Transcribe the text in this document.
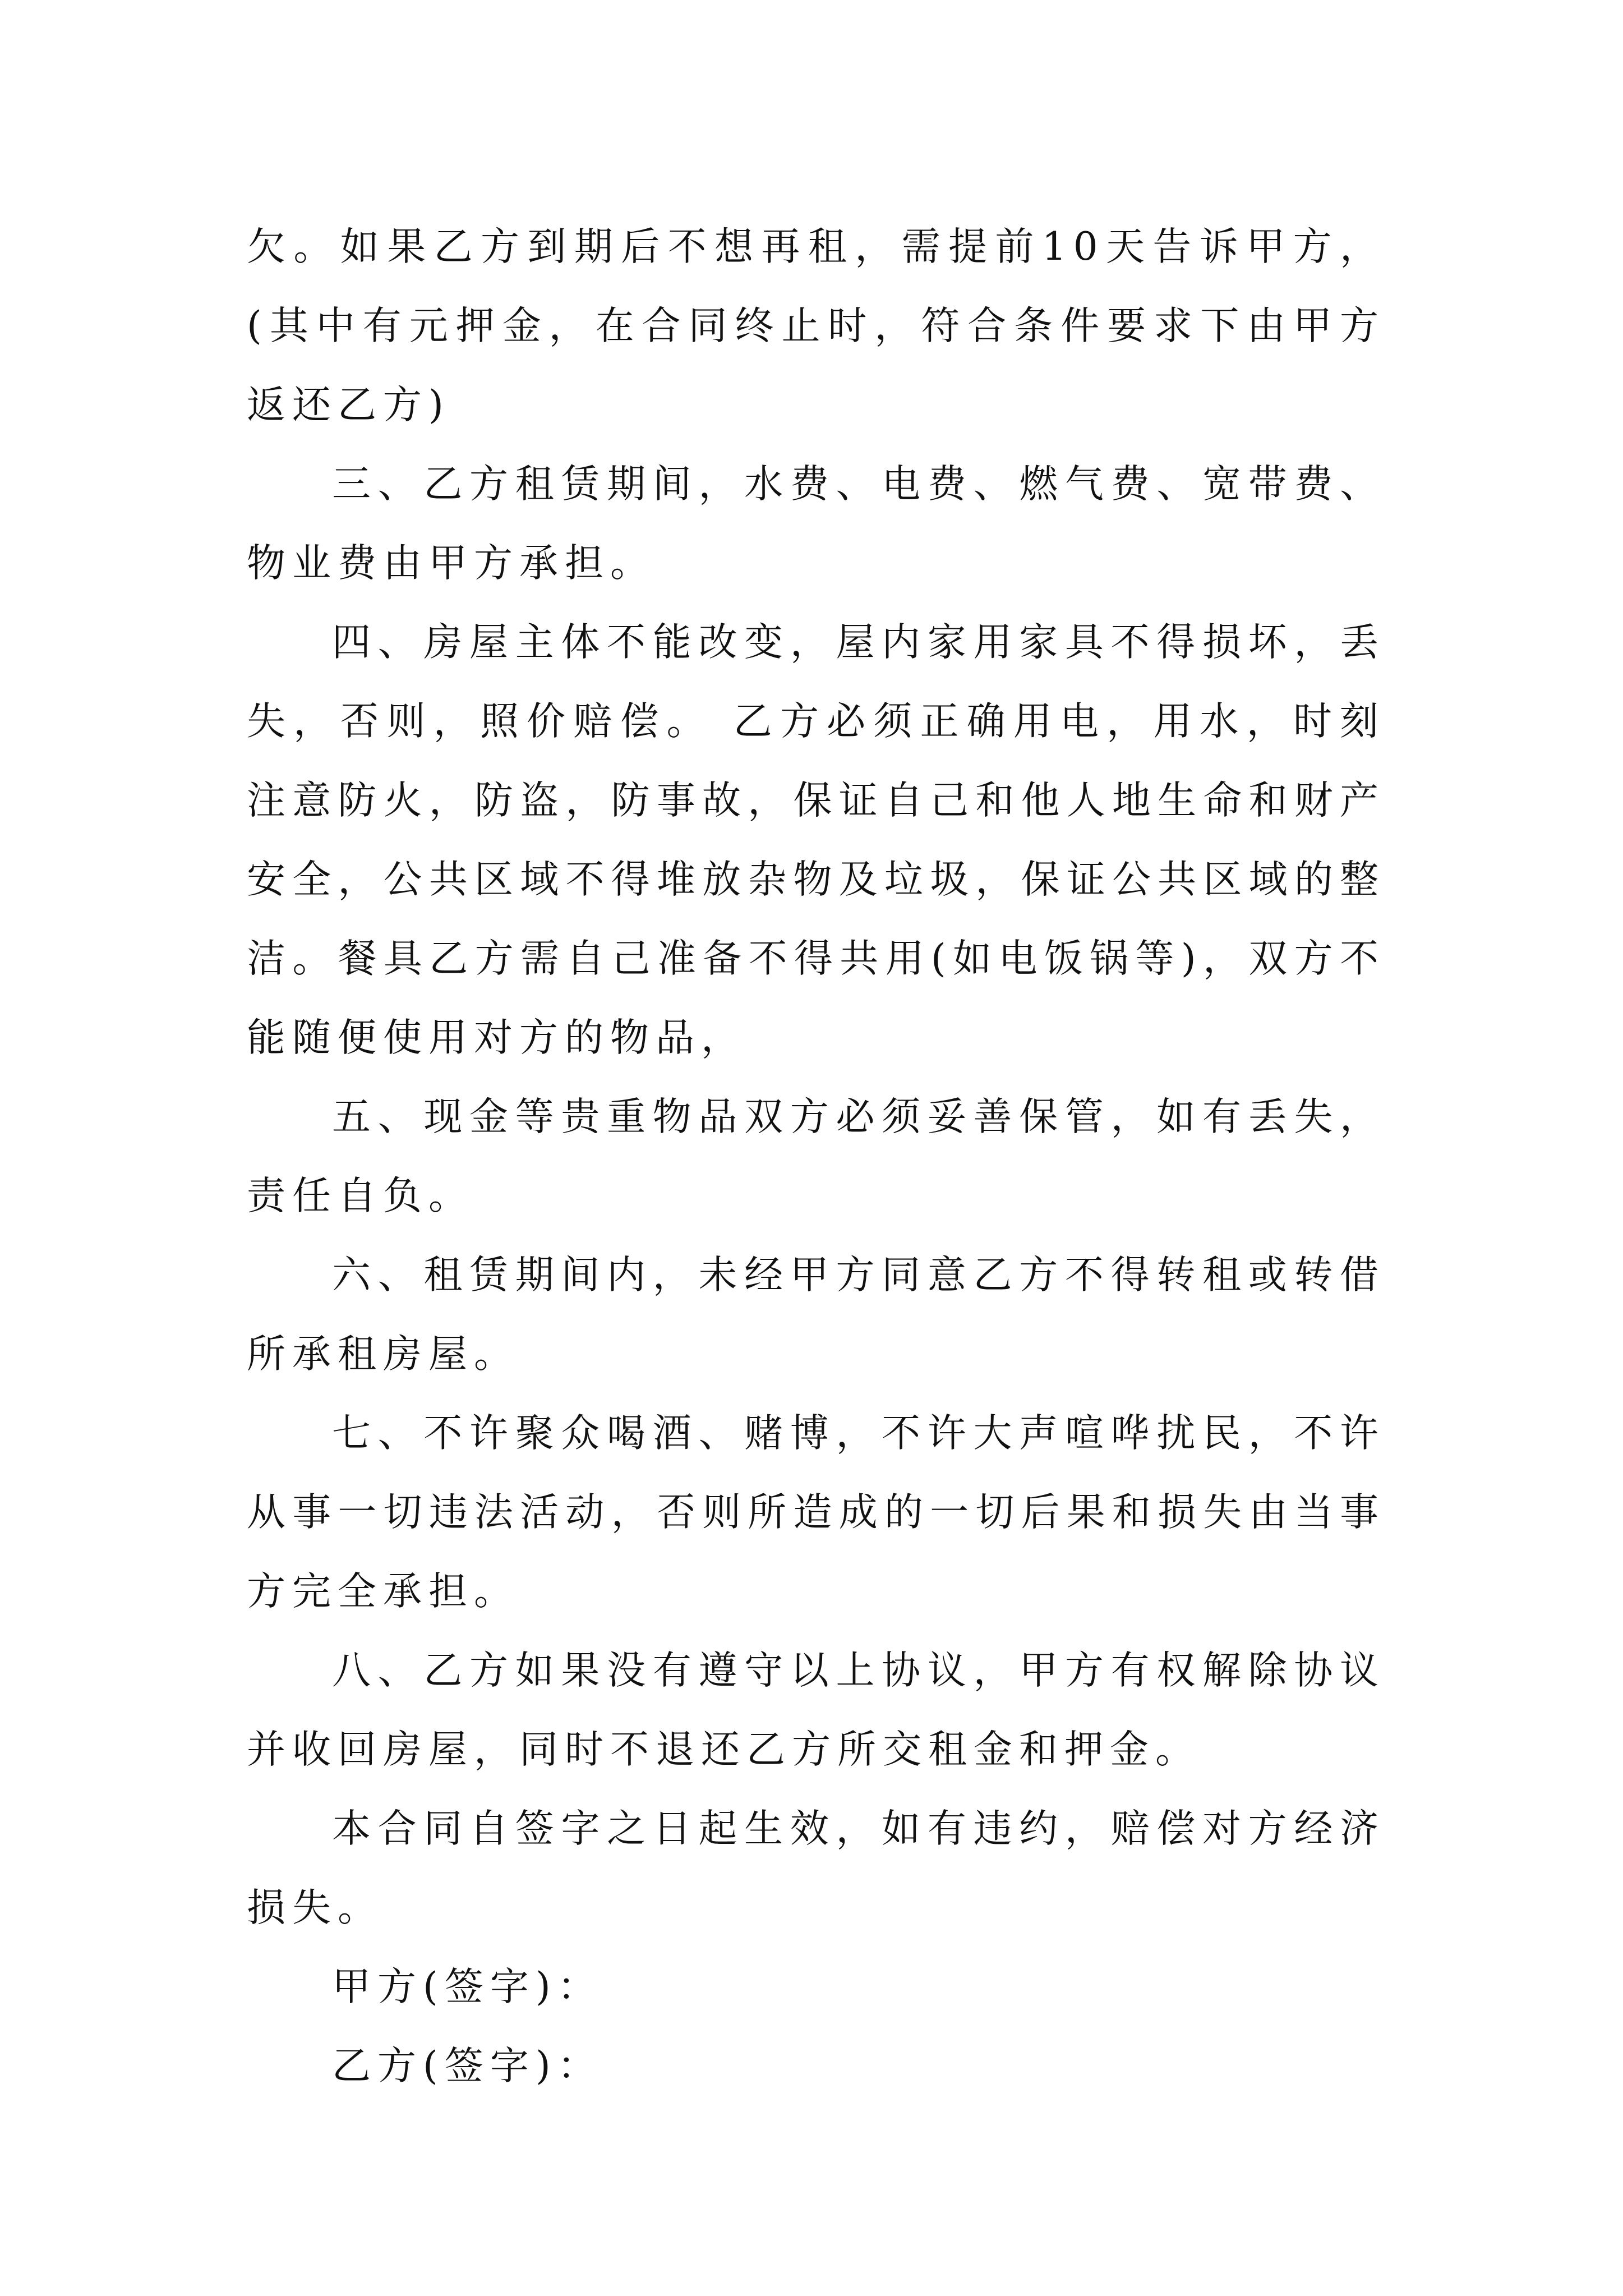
欠。如果乙方到期后不想再租，需提前10天告诉甲方，(其中有元押金，在合同终止时，符合条件要求下由甲方返还乙方)

三、乙方租赁期间，水费、电费、燃气费、宽带费、物业费由甲方承担。

四、房屋主体不能改变，屋内家用家具不得损坏，丢失，否则，照价赔偿。 乙方必须正确用电，用水，时刻注意防火，防盗，防事故，保证自己和他人地生命和财产安全，公共区域不得堆放杂物及垃圾，保证公共区域的整洁。餐具乙方需自己准备不得共用(如电饭锅等)，双方不能随便使用对方的物品，

五、现金等贵重物品双方必须妥善保管，如有丢失，责任自负。

六、租赁期间内，未经甲方同意乙方不得转租或转借所承租房屋。

七、不许聚众喝酒、赌博，不许大声喧哗扰民，不许从事一切违法活动，否则所造成的一切后果和损失由当事方完全承担。

八、乙方如果没有遵守以上协议，甲方有权解除协议并收回房屋，同时不退还乙方所交租金和押金。

本合同自签字之日起生效，如有违约，赔偿对方经济损失。

甲方(签字)：

乙方(签字)：
